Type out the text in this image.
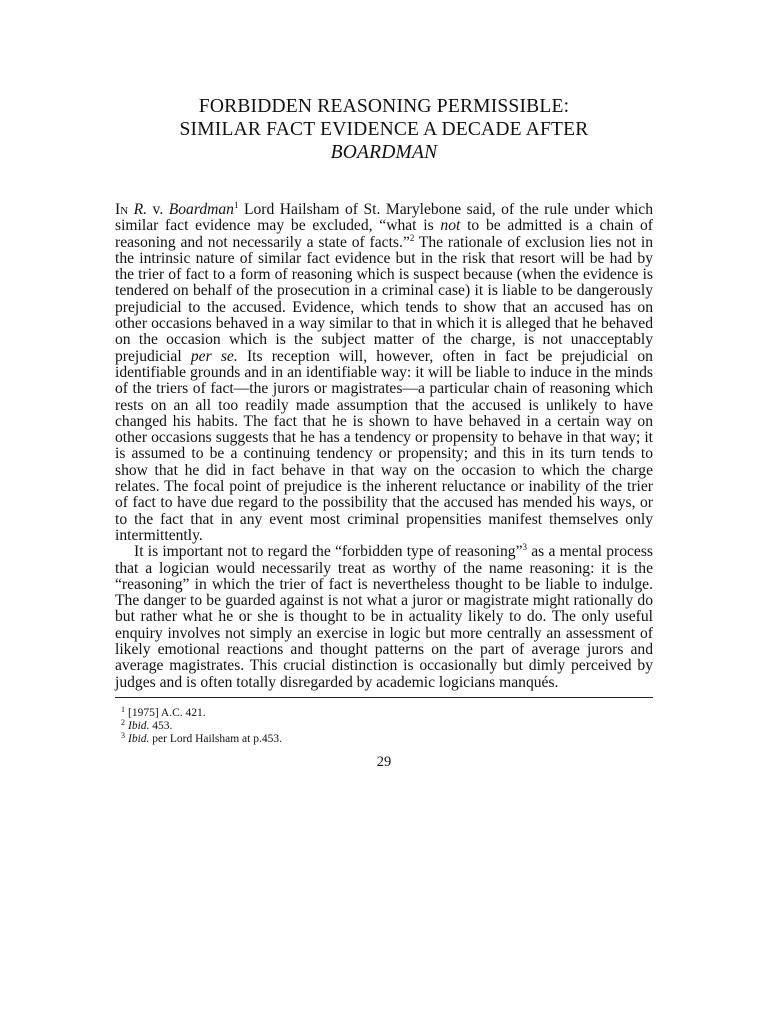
FORBIDDEN REASONING PERMISSIBLE:
SIMILAR FACT EVIDENCE A DECADE AFTER
BOARDMAN

In R. v. Boardman$^1$ Lord Hailsham of St. Marylebone said, of the rule under which similar fact evidence may be excluded, “what is not to be admitted is a chain of reasoning and not necessarily a state of facts.”$^2$ The rationale of exclusion lies not in the intrinsic nature of similar fact evidence but in the risk that resort will be had by the trier of fact to a form of reasoning which is suspect because (when the evidence is tendered on behalf of the prosecution in a criminal case) it is liable to be dangerously prejudicial to the accused. Evidence, which tends to show that an accused has on other occasions behaved in a way similar to that in which it is alleged that he behaved on the occasion which is the subject matter of the charge, is not unacceptably prejudicial per se. Its reception will, however, often in fact be prejudicial on identifiable grounds and in an identifiable way: it will be liable to induce in the minds of the triers of fact—the jurors or magistrates—a particular chain of reasoning which rests on an all too readily made assumption that the accused is unlikely to have changed his habits. The fact that he is shown to have behaved in a certain way on other occasions suggests that he has a tendency or propensity to behave in that way; it is assumed to be a continuing tendency or propensity; and this in its turn tends to show that he did in fact behave in that way on the occasion to which the charge relates. The focal point of prejudice is the inherent reluctance or inability of the trier of fact to have due regard to the possibility that the accused has mended his ways, or to the fact that in any event most criminal propensities manifest themselves only intermittently.

It is important not to regard the “forbidden type of reasoning”$^3$ as a mental process that a logician would necessarily treat as worthy of the name reasoning: it is the “reasoning” in which the trier of fact is nevertheless thought to be liable to indulge. The danger to be guarded against is not what a juror or magistrate might rationally do but rather what he or she is thought to be in actuality likely to do. The only useful enquiry involves not simply an exercise in logic but more centrally an assessment of likely emotional reactions and thought patterns on the part of average jurors and average magistrates. This crucial distinction is occasionally but dimly perceived by judges and is often totally disregarded by academic logicians manqués.

$^1$ [1975] A.C. 421.
$^2$ Ibid. 453.
$^3$ Ibid. per Lord Hailsham at p.453.
29
